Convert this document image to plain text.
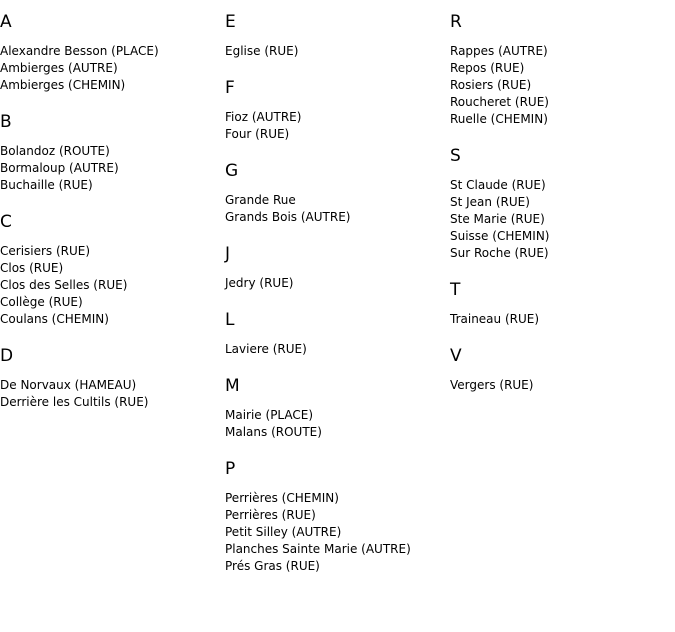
A
Alexandre Besson (PLACE)
Ambierges (AUTRE)
Ambierges (CHEMIN)
B
Bolandoz (ROUTE)
Bormaloup (AUTRE)
Buchaille (RUE)
C
Cerisiers (RUE)
Clos (RUE)
Clos des Selles (RUE)
Collège (RUE)
Coulans (CHEMIN)
D
De Norvaux (HAMEAU)
Derrière les Cultils (RUE)
E
Eglise (RUE)
F
Fioz (AUTRE)
Four (RUE)
G
Grande Rue
Grands Bois (AUTRE)
J
Jedry (RUE)
L
Laviere (RUE)
M
Mairie (PLACE)
Malans (ROUTE)
P
Perrières (CHEMIN)
Perrières (RUE)
Petit Silley (AUTRE)
Planches Sainte Marie (AUTRE)
Prés Gras (RUE)
R
Rappes (AUTRE)
Repos (RUE)
Rosiers (RUE)
Roucheret (RUE)
Ruelle (CHEMIN)
S
St Claude (RUE)
St Jean (RUE)
Ste Marie (RUE)
Suisse (CHEMIN)
Sur Roche (RUE)
T
Traineau (RUE)
V
Vergers (RUE)
